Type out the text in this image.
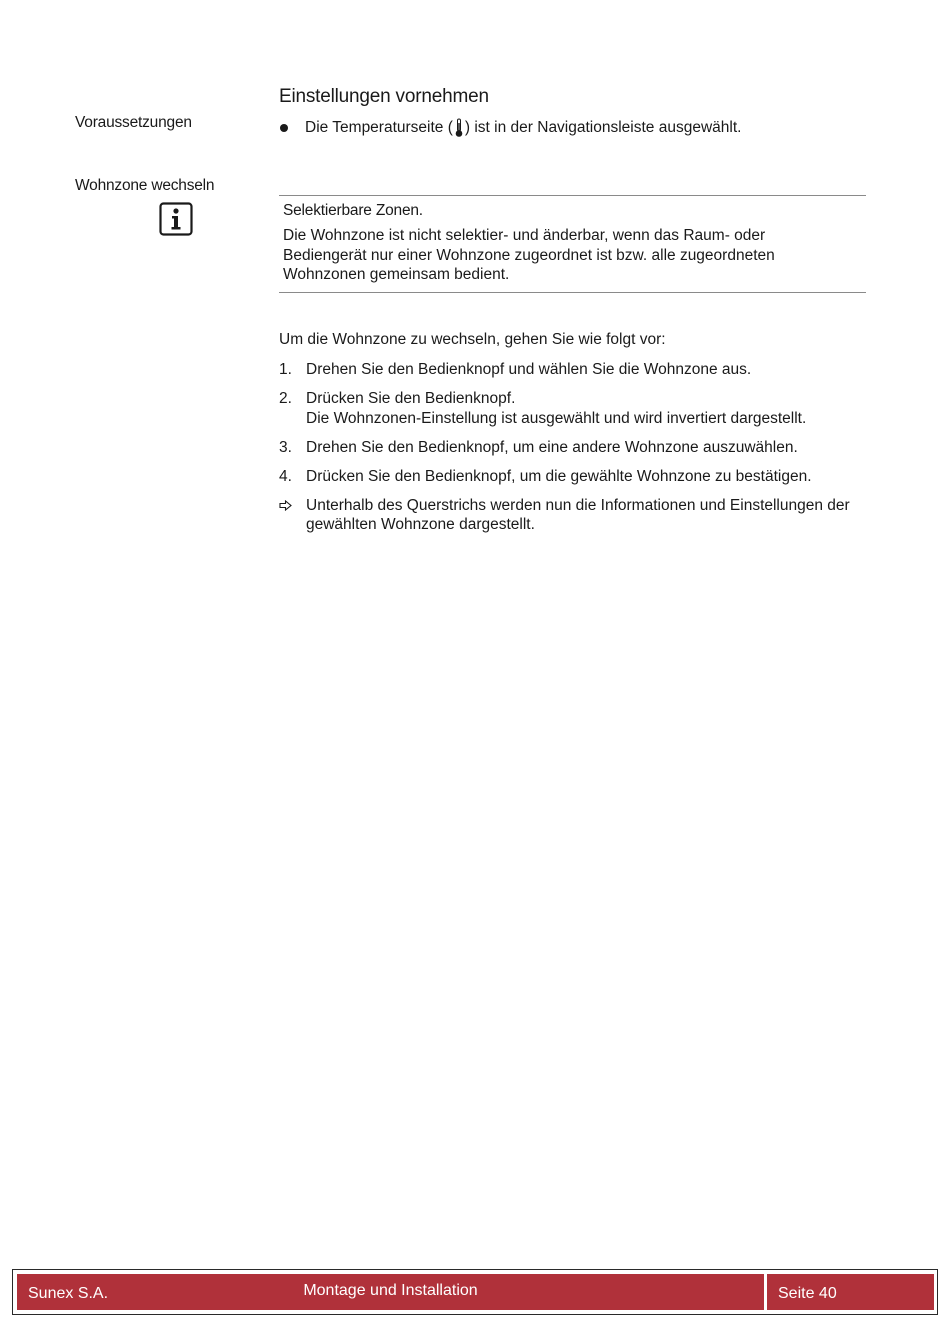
Einstellungen vornehmen
Voraussetzungen	Die Temperaturseite ( ) ist in der Navigationsleiste ausgewählt.
Wohnzone wechseln
Selektierbare Zonen.
Die Wohnzone ist nicht selektier- und änderbar, wenn das Raum- oder
Bediengerät nur einer Wohnzone zugeordnet ist bzw. alle zugeordneten
Wohnzonen gemeinsam bedient.
Um die Wohnzone zu wechseln, gehen Sie wie folgt vor:
1. Drehen Sie den Bedienknopf und wählen Sie die Wohnzone aus.
2. Drücken Sie den Bedienknopf.
Die Wohnzonen-Einstellung ist ausgewählt und wird invertiert dargestellt.
3. Drehen Sie den Bedienknopf, um eine andere Wohnzone auszuwählen.
4. Drücken Sie den Bedienknopf, um die gewählte Wohnzone zu bestätigen.
Unterhalb des Querstrichs werden nun die Informationen und Einstellungen der
gewählten Wohnzone dargestellt.
Sunex S.A.	Montage und Installation	Seite 40
